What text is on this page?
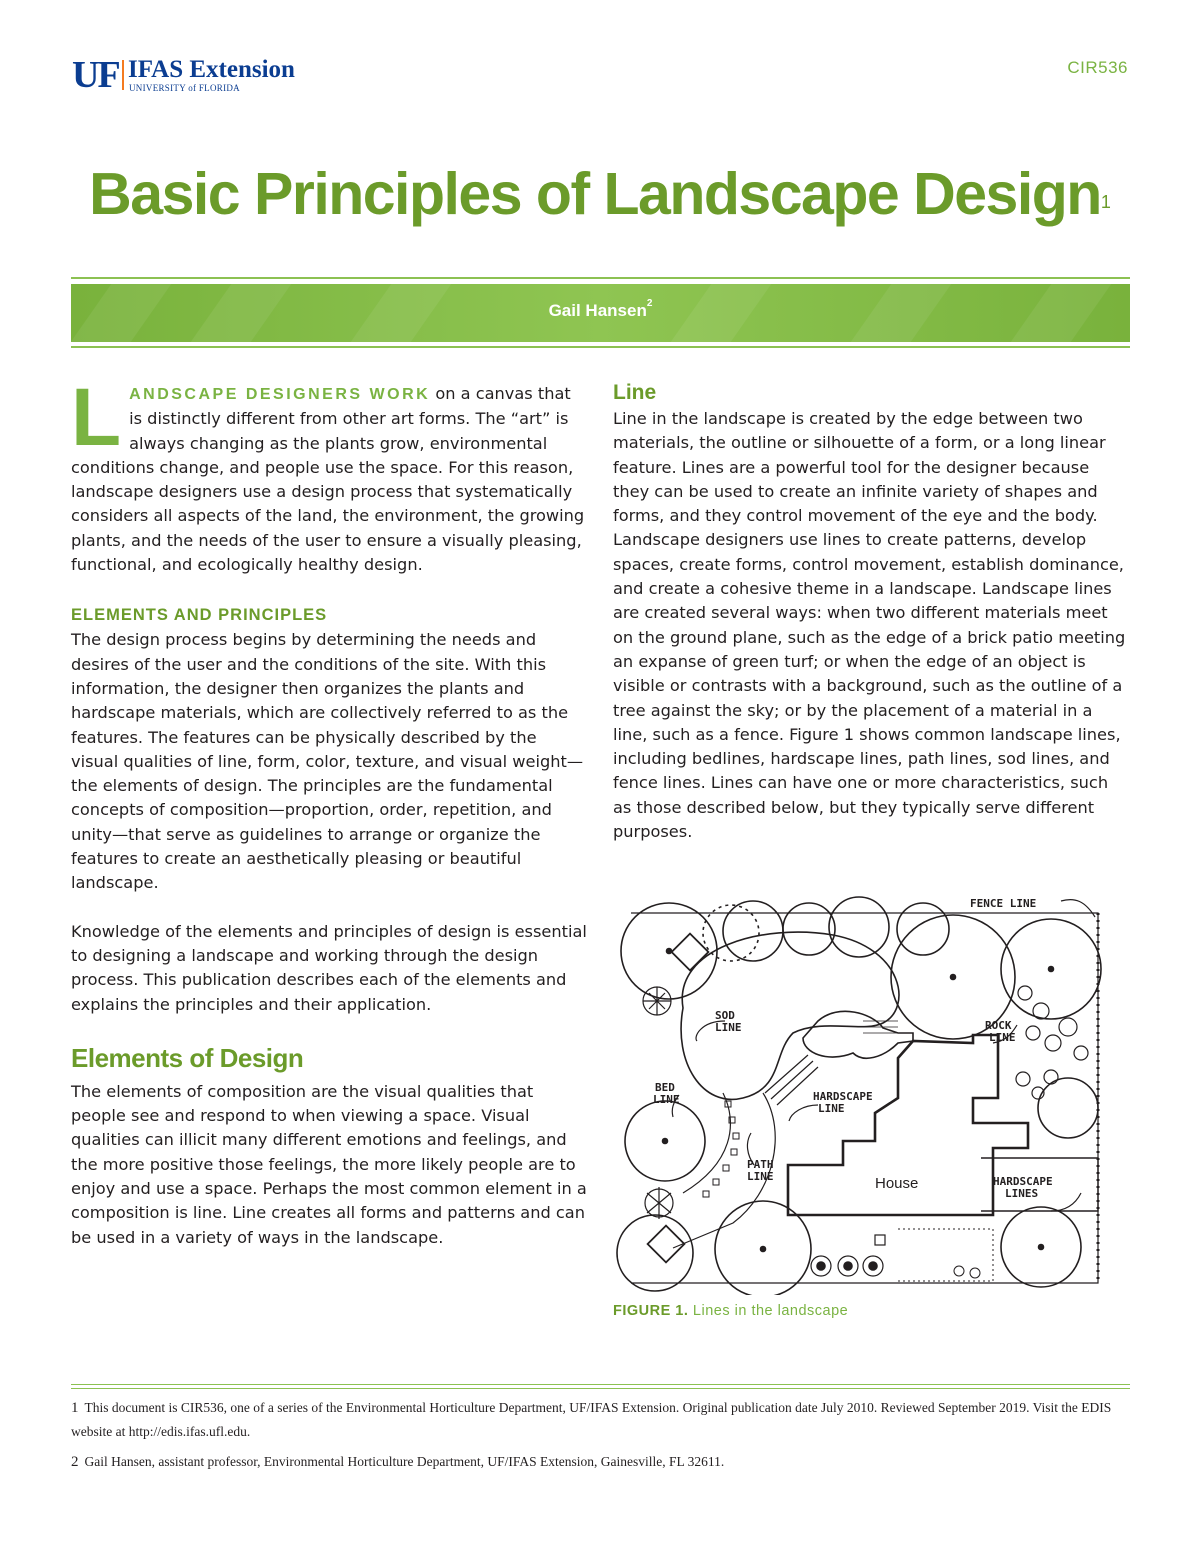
UF IFAS Extension
UNIVERSITY of FLORIDA
CIR536
Basic Principles of Landscape Design$^1$
Gail Hansen$^2$

LANDSCAPE DESIGNERS WORK on a canvas that is distinctly different from other art forms. The “art” is always changing as the plants grow, environmental conditions change, and people use the space. For this reason, landscape designers use a design process that systematically considers all aspects of the land, the environment, the growing plants, and the needs of the user to ensure a visually pleasing, functional, and ecologically healthy design.

ELEMENTS AND PRINCIPLES

The design process begins by determining the needs and desires of the user and the conditions of the site. With this information, the designer then organizes the plants and hardscape materials, which are collectively referred to as the features. The features can be physically described by the visual qualities of line, form, color, texture, and visual weight—the elements of design. The principles are the fundamental concepts of composition—proportion, order, repetition, and unity—that serve as guidelines to arrange or organize the features to create an aesthetically pleasing or beautiful landscape.

Knowledge of the elements and principles of design is essential to designing a landscape and working through the design process. This publication describes each of the elements and explains the principles and their application.

Elements of Design

The elements of composition are the visual qualities that people see and respond to when viewing a space. Visual qualities can illicit many different emotions and feelings, and the more positive those feelings, the more likely people are to enjoy and use a space. Perhaps the most common element in a composition is line. Line creates all forms and patterns and can be used in a variety of ways in the landscape.

Line

Line in the landscape is created by the edge between two materials, the outline or silhouette of a form, or a long linear feature. Lines are a powerful tool for the designer because they can be used to create an infinite variety of shapes and forms, and they control movement of the eye and the body. Landscape designers use lines to create patterns, develop spaces, create forms, control movement, establish dominance, and create a cohesive theme in a landscape. Landscape lines are created several ways: when two different materials meet on the ground plane, such as the edge of a brick patio meeting an expanse of green turf; or when the edge of an object is visible or contrasts with a background, such as the outline of a tree against the sky; or by the placement of a material in a line, such as a fence. Figure 1 shows common landscape lines, including bedlines, hardscape lines, path lines, sod lines, and fence lines. Lines can have one or more characteristics, such as those described below, but they typically serve different purposes.

FENCE LINE
SOD
LINE	ROCK
LINE
BED
LINE	HARDSCAPE
LINE
PATH
LINE	HARDSCAPE
LINES
House
FIGURE 1. Lines in the landscape
1 This document is CIR536, one of a series of the Environmental Horticulture Department, UF/IFAS Extension. Original publication date July 2010. Reviewed September 2019. Visit the EDIS website at http://edis.ifas.ufl.edu.
2 Gail Hansen, assistant professor, Environmental Horticulture Department, UF/IFAS Extension, Gainesville, FL 32611.
